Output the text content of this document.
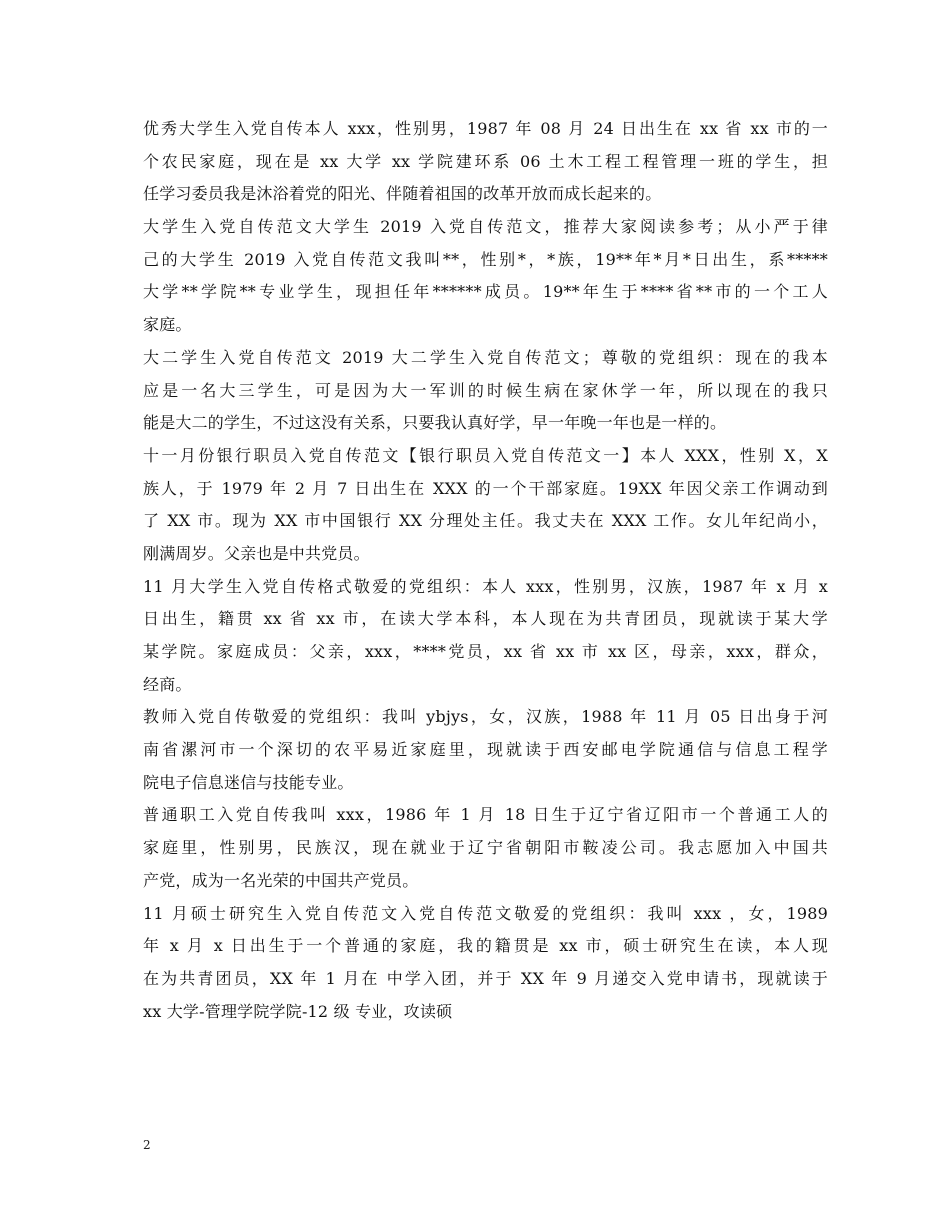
优秀大学生入党自传本人 xxx，性别男，1987 年 08 月 24 日出生在 xx 省 xx 市的一
个农民家庭，现在是 xx 大学 xx 学院建环系 06 土木工程工程管理一班的学生，担
任学习委员我是沐浴着党的阳光、伴随着祖国的改革开放而成长起来的。
大学生入党自传范文大学生 2019 入党自传范文，推荐大家阅读参考；从小严于律
己的大学生 2019 入党自传范文我叫**，性别*，*族，19**年*月*日出生，系*****
大学**学院**专业学生，现担任年******成员。19**年生于****省**市的一个工人
家庭。
大二学生入党自传范文 2019 大二学生入党自传范文；尊敬的党组织：现在的我本
应是一名大三学生，可是因为大一军训的时候生病在家休学一年，所以现在的我只
能是大二的学生，不过这没有关系，只要我认真好学，早一年晚一年也是一样的。
十一月份银行职员入党自传范文【银行职员入党自传范文一】本人 XXX，性别 X，X
族人，于 1979 年 2 月 7 日出生在 XXX 的一个干部家庭。19XX 年因父亲工作调动到
了 XX 市。现为 XX 市中国银行 XX 分理处主任。我丈夫在 XXX 工作。女儿年纪尚小，
刚满周岁。父亲也是中共党员。
11 月大学生入党自传格式敬爱的党组织：本人 xxx，性别男，汉族，1987 年 x 月 x
日出生，籍贯 xx 省 xx 市，在读大学本科，本人现在为共青团员，现就读于某大学
某学院。家庭成员：父亲，xxx，****党员，xx 省 xx 市 xx 区，母亲，xxx，群众，
经商。
教师入党自传敬爱的党组织：我叫 ybjys，女，汉族，1988 年 11 月 05 日出身于河
南省漯河市一个深切的农平易近家庭里，现就读于西安邮电学院通信与信息工程学
院电子信息迷信与技能专业。
普通职工入党自传我叫 xxx，1986 年 1 月 18 日生于辽宁省辽阳市一个普通工人的
家庭里，性别男，民族汉，现在就业于辽宁省朝阳市鞍凌公司。我志愿加入中国共
产党，成为一名光荣的中国共产党员。
11 月硕士研究生入党自传范文入党自传范文敬爱的党组织：我叫 xxx ，女，1989
年 x 月 x 日出生于一个普通的家庭，我的籍贯是 xx 市，硕士研究生在读，本人现
在为共青团员，XX 年 1 月在 中学入团，并于 XX 年 9 月递交入党申请书，现就读于
xx 大学-管理学院学院-12 级 专业，攻读硕
2
